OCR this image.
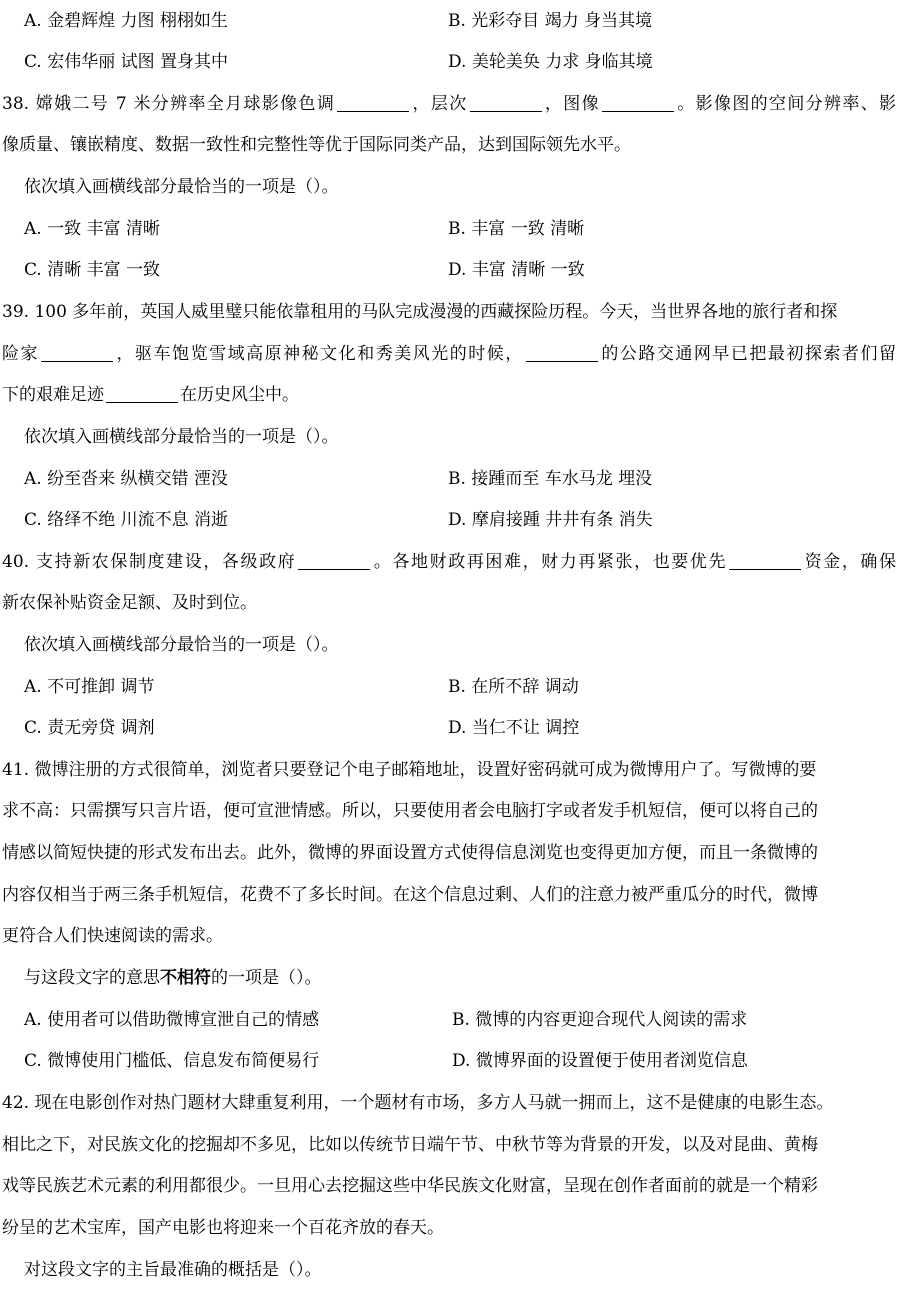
A. 金碧辉煌 力图 栩栩如生	B. 光彩夺目 竭力 身当其境
C. 宏伟华丽 试图 置身其中	D. 美轮美奂 力求 身临其境
38. 嫦娥二号 7 米分辨率全月球影像色调	，层次	，图像	。影像图的空间分辨率、影
像质量、镶嵌精度、数据一致性和完整性等优于国际同类产品，达到国际领先水平。
依次填入画横线部分最恰当的一项是（）。
A. 一致 丰富 清晰	B. 丰富 一致 清晰
C. 清晰 丰富 一致	D. 丰富 清晰 一致
39. 100 多年前，英国人威里璧只能依靠租用的马队完成漫漫的西藏探险历程。今天，当世界各地的旅行者和探
险家	，驱车饱览雪域高原神秘文化和秀美风光的时候，	的公路交通网早已把最初探索者们留
下的艰难足迹	在历史风尘中。
依次填入画横线部分最恰当的一项是（）。
A. 纷至沓来 纵横交错 湮没	B. 接踵而至 车水马龙 埋没
C. 络绎不绝 川流不息 消逝	D. 摩肩接踵 井井有条 消失
40. 支持新农保制度建设，各级政府	。各地财政再困难，财力再紧张，也要优先	资金，确保
新农保补贴资金足额、及时到位。
依次填入画横线部分最恰当的一项是（）。
A. 不可推卸 调节	B. 在所不辞 调动
C. 责无旁贷 调剂	D. 当仁不让 调控
41. 微博注册的方式很简单，浏览者只要登记个电子邮箱地址，设置好密码就可成为微博用户了。写微博的要
求不高：只需撰写只言片语，便可宣泄情感。所以，只要使用者会电脑打字或者发手机短信，便可以将自己的
情感以简短快捷的形式发布出去。此外，微博的界面设置方式使得信息浏览也变得更加方便，而且一条微博的
内容仅相当于两三条手机短信，花费不了多长时间。在这个信息过剩、人们的注意力被严重瓜分的时代，微博
更符合人们快速阅读的需求。
与这段文字的意思不相符的一项是（）。
A. 使用者可以借助微博宣泄自己的情感	B. 微博的内容更迎合现代人阅读的需求
C. 微博使用门槛低、信息发布简便易行	D. 微博界面的设置便于使用者浏览信息
42. 现在电影创作对热门题材大肆重复利用，一个题材有市场，多方人马就一拥而上，这不是健康的电影生态。
相比之下，对民族文化的挖掘却不多见，比如以传统节日端午节、中秋节等为背景的开发，以及对昆曲、黄梅
戏等民族艺术元素的利用都很少。一旦用心去挖掘这些中华民族文化财富，呈现在创作者面前的就是一个精彩
纷呈的艺术宝库，国产电影也将迎来一个百花齐放的春天。
对这段文字的主旨最准确的概括是（）。
